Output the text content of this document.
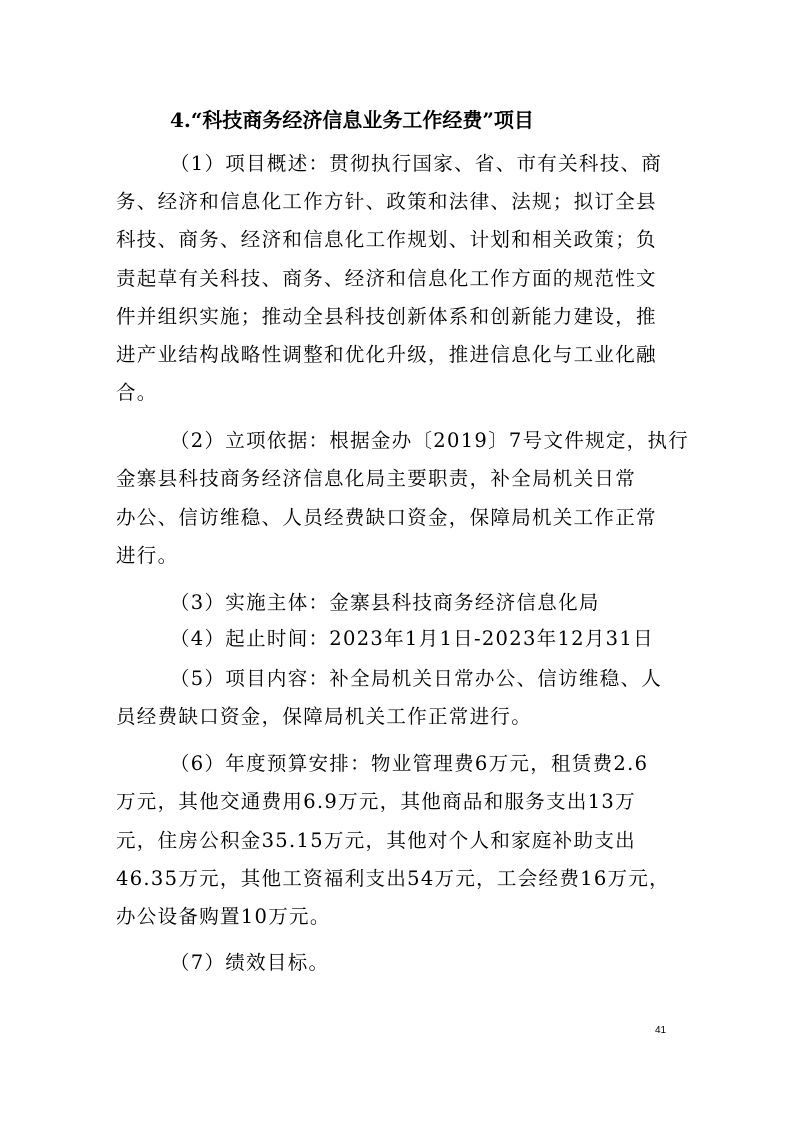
4.“科技商务经济信息业务工作经费”项目
（1）项目概述：贯彻执行国家、省、市有关科技、商
务、经济和信息化工作方针、政策和法律、法规；拟订全县
科技、商务、经济和信息化工作规划、计划和相关政策；负
责起草有关科技、商务、经济和信息化工作方面的规范性文
件并组织实施；推动全县科技创新体系和创新能力建设，推
进产业结构战略性调整和优化升级，推进信息化与工业化融
合。
（2）立项依据：根据金办〔2019〕7号文件规定，执行
金寨县科技商务经济信息化局主要职责，补全局机关日常
办公、信访维稳、人员经费缺口资金，保障局机关工作正常
进行。
（3）实施主体：金寨县科技商务经济信息化局
（4）起止时间：2023年1月1日-2023年12月31日
（5）项目内容：补全局机关日常办公、信访维稳、人
员经费缺口资金，保障局机关工作正常进行。
（6）年度预算安排：物业管理费6万元，租赁费2.6
万元，其他交通费用6.9万元，其他商品和服务支出13万
元，住房公积金35.15万元，其他对个人和家庭补助支出
46.35万元，其他工资福利支出54万元，工会经费16万元，
办公设备购置10万元。
（7）绩效目标。
41
